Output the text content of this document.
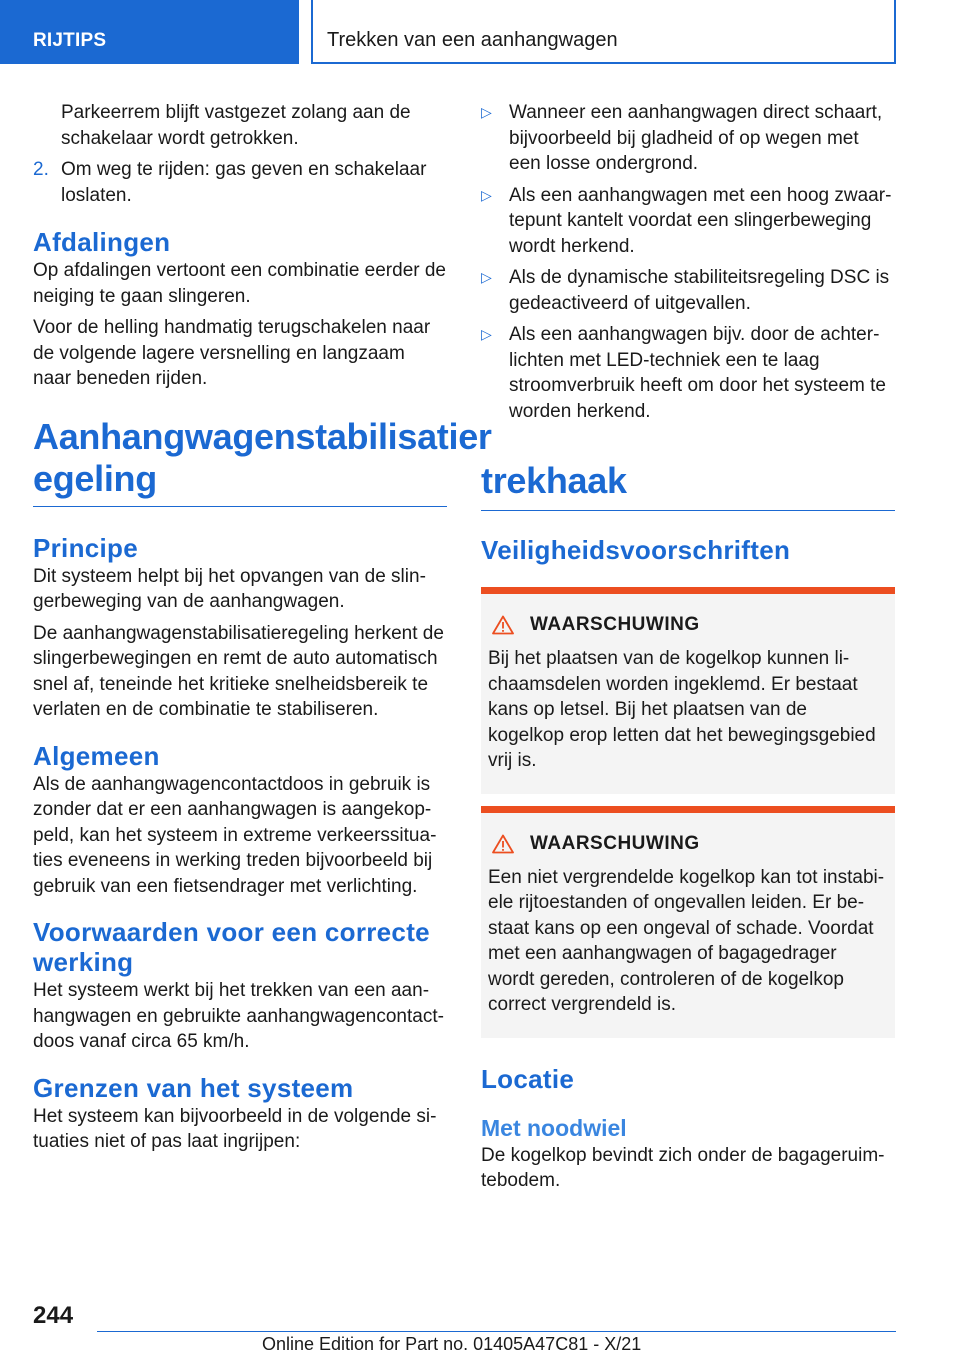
RIJTIPS	Trekken van een aanhangwagen
Parkeerrem blijft vastgezet zolang aan de schakelaar wordt getrokken.
2. Om weg te rijden: gas geven en schakelaar loslaten.
Afdalingen

Op afdalingen vertoont een combinatie eerder de neiging te gaan slingeren.

Voor de helling handmatig terugschakelen naar de volgende lagere versnelling en langzaam naar beneden rijden.

Aanhangwagenstabilisatier
egeling
Principe

Dit systeem helpt bij het opvangen van de slingerbeweging van de aanhangwagen.

De aanhangwagenstabilisatieregeling herkent de slingerbewegingen en remt de auto automatisch snel af, teneinde het kritieke snelheidsbereik te verlaten en de combinatie te stabiliseren.

Algemeen

Als de aanhangwagencontactdoos in gebruik is zonder dat er een aanhangwagen is aangekoppeld, kan het systeem in extreme verkeerssituaties eveneens in werking treden bijvoorbeeld bij gebruik van een fietsendrager met verlichting.

Voorwaarden voor een correcte werking

Het systeem werkt bij het trekken van een aanhangwagen en gebruikte aanhangwagencontactdoos vanaf circa 65 km/h.

Grenzen van het systeem

Het systeem kan bijvoorbeeld in de volgende situaties niet of pas laat ingrijpen:

▷ Wanneer een aanhangwagen direct schaart, bijvoorbeeld bij gladheid of op wegen met een losse ondergrond.
▷ Als een aanhangwagen met een hoog zwaartepunt kantelt voordat een slingerbeweging wordt herkend.
▷ Als de dynamische stabiliteitsregeling DSC is gedeactiveerd of uitgevallen.
▷ Als een aanhangwagen bijv. door de achterlichten met LED-techniek een te laag stroomverbruik heeft om door het systeem te worden herkend.
trekhaak
Veiligheidsvoorschriften
WAARSCHUWING

Bij het plaatsen van de kogelkop kunnen lichaamsdelen worden ingeklemd. Er bestaat kans op letsel. Bij het plaatsen van de kogelkop erop letten dat het bewegingsgebied vrij is.

WAARSCHUWING

Een niet vergrendelde kogelkop kan tot instabiele rijtoestanden of ongevallen leiden. Er bestaat kans op een ongeval of schade. Voordat met een aanhangwagen of bagagedrager wordt gereden, controleren of de kogelkop correct vergrendeld is.

Locatie
Met noodwiel

De kogelkop bevindt zich onder de bagageruimtebodem.

244
Online Edition for Part no. 01405A47C81 - X/21
